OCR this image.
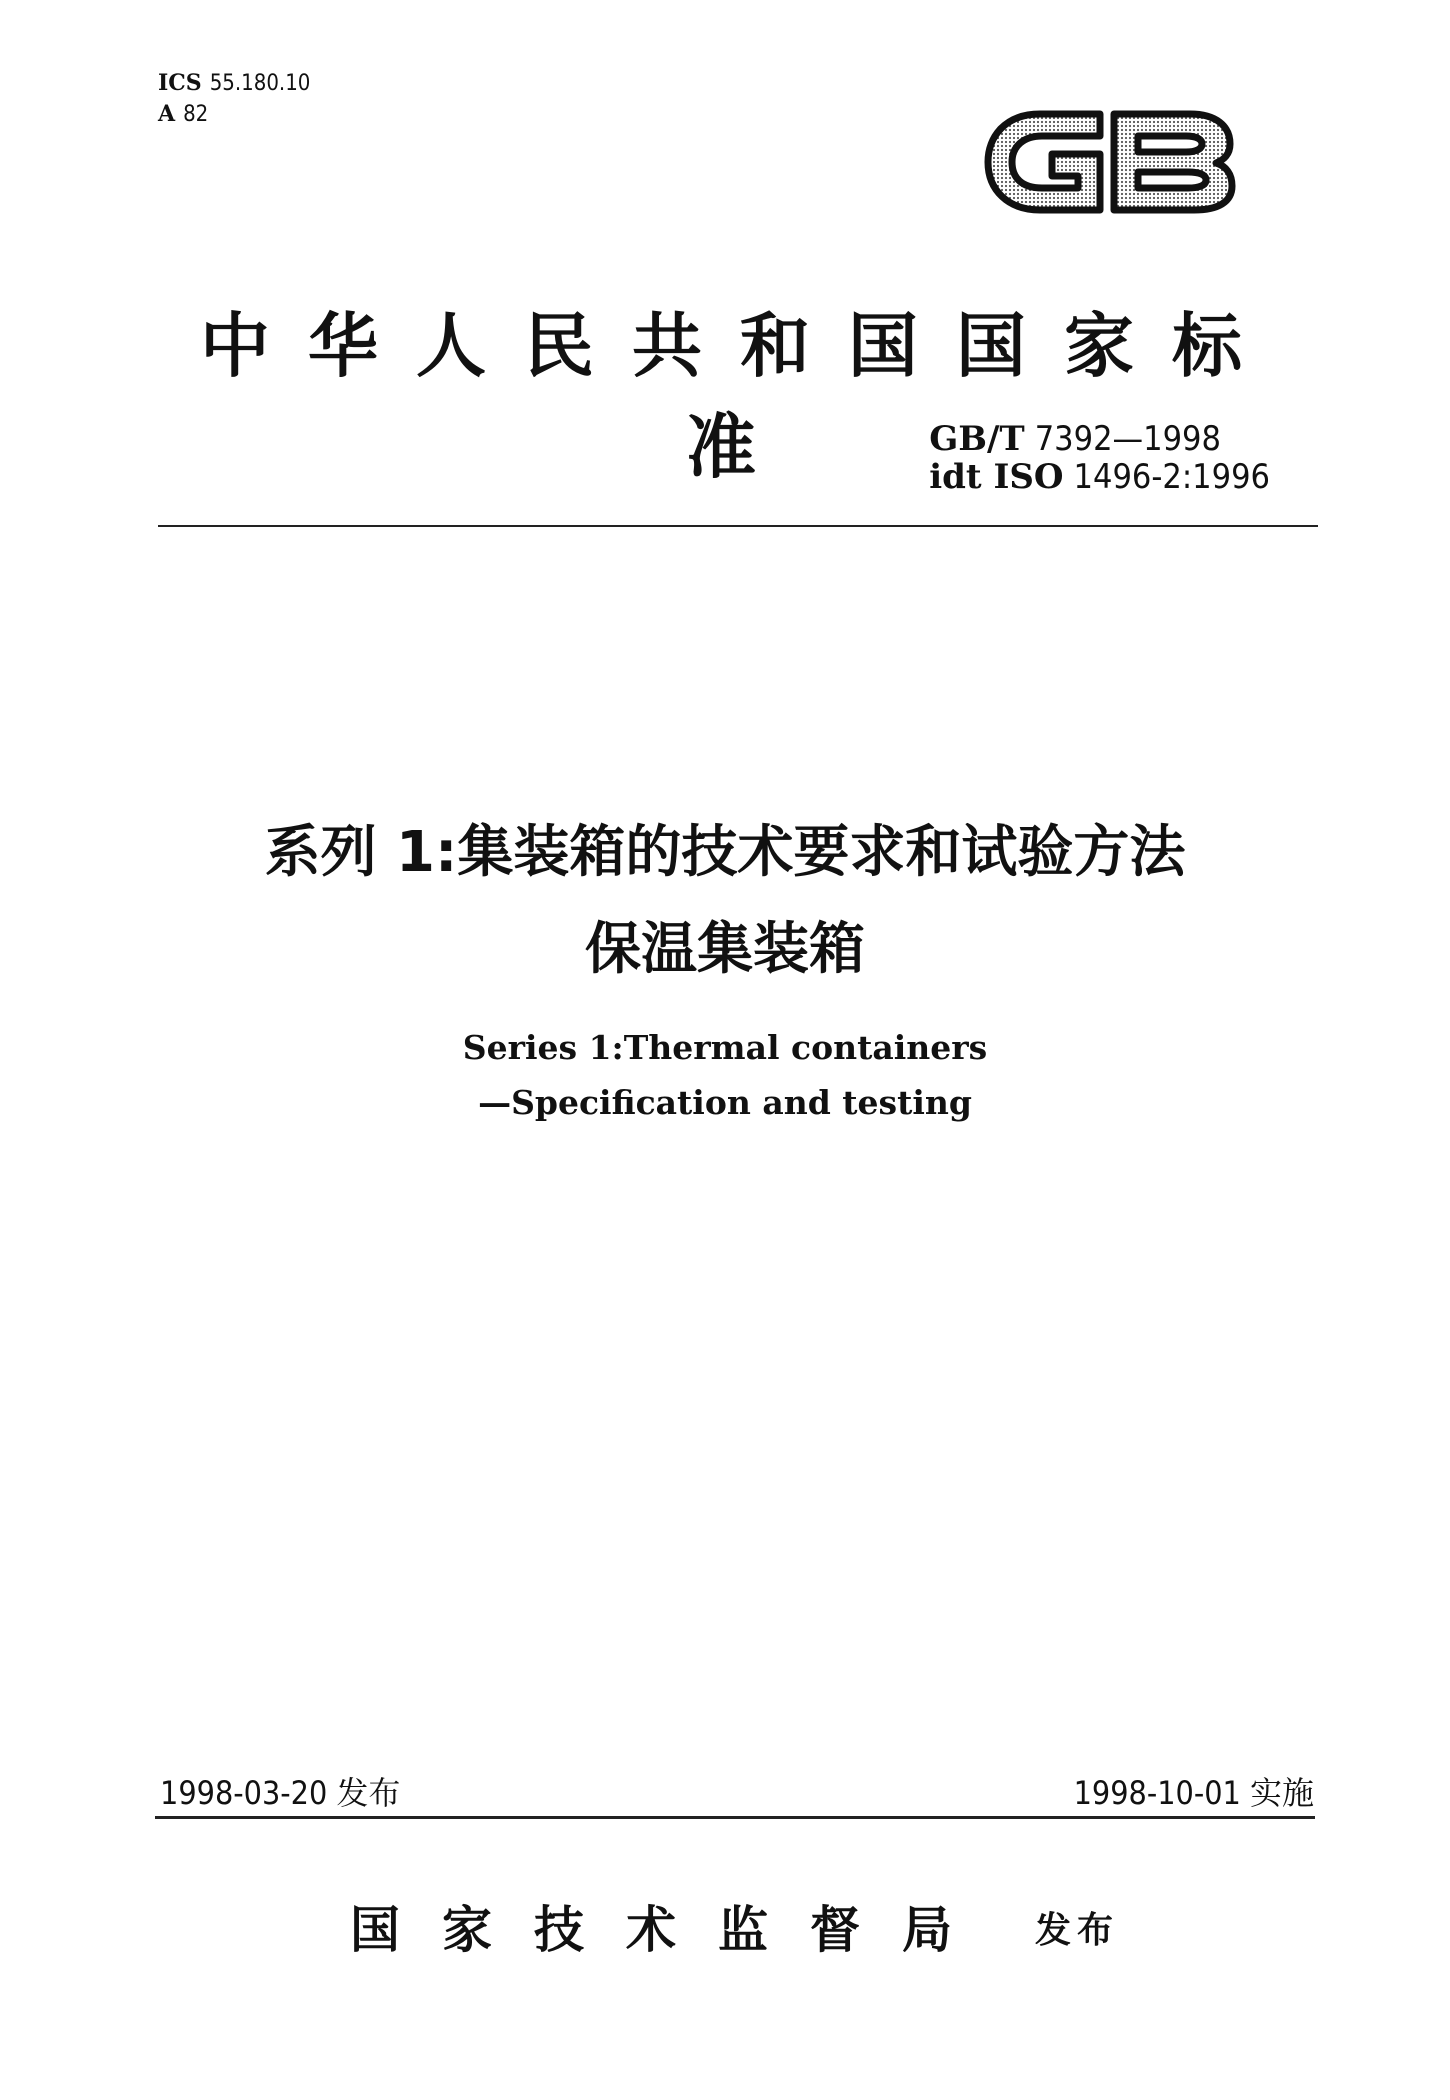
ICS 55.180.10
A 82
中华人民共和国国家标准	GB/T 7392—1998
idt ISO 1496-2:1996
系列 1:集装箱的技术要求和试验方法
保温集装箱
Series 1:Thermal containers
—Specification and testing
1998-03-20 发布	1998-10-01 实施
国家技术监督局 发布
